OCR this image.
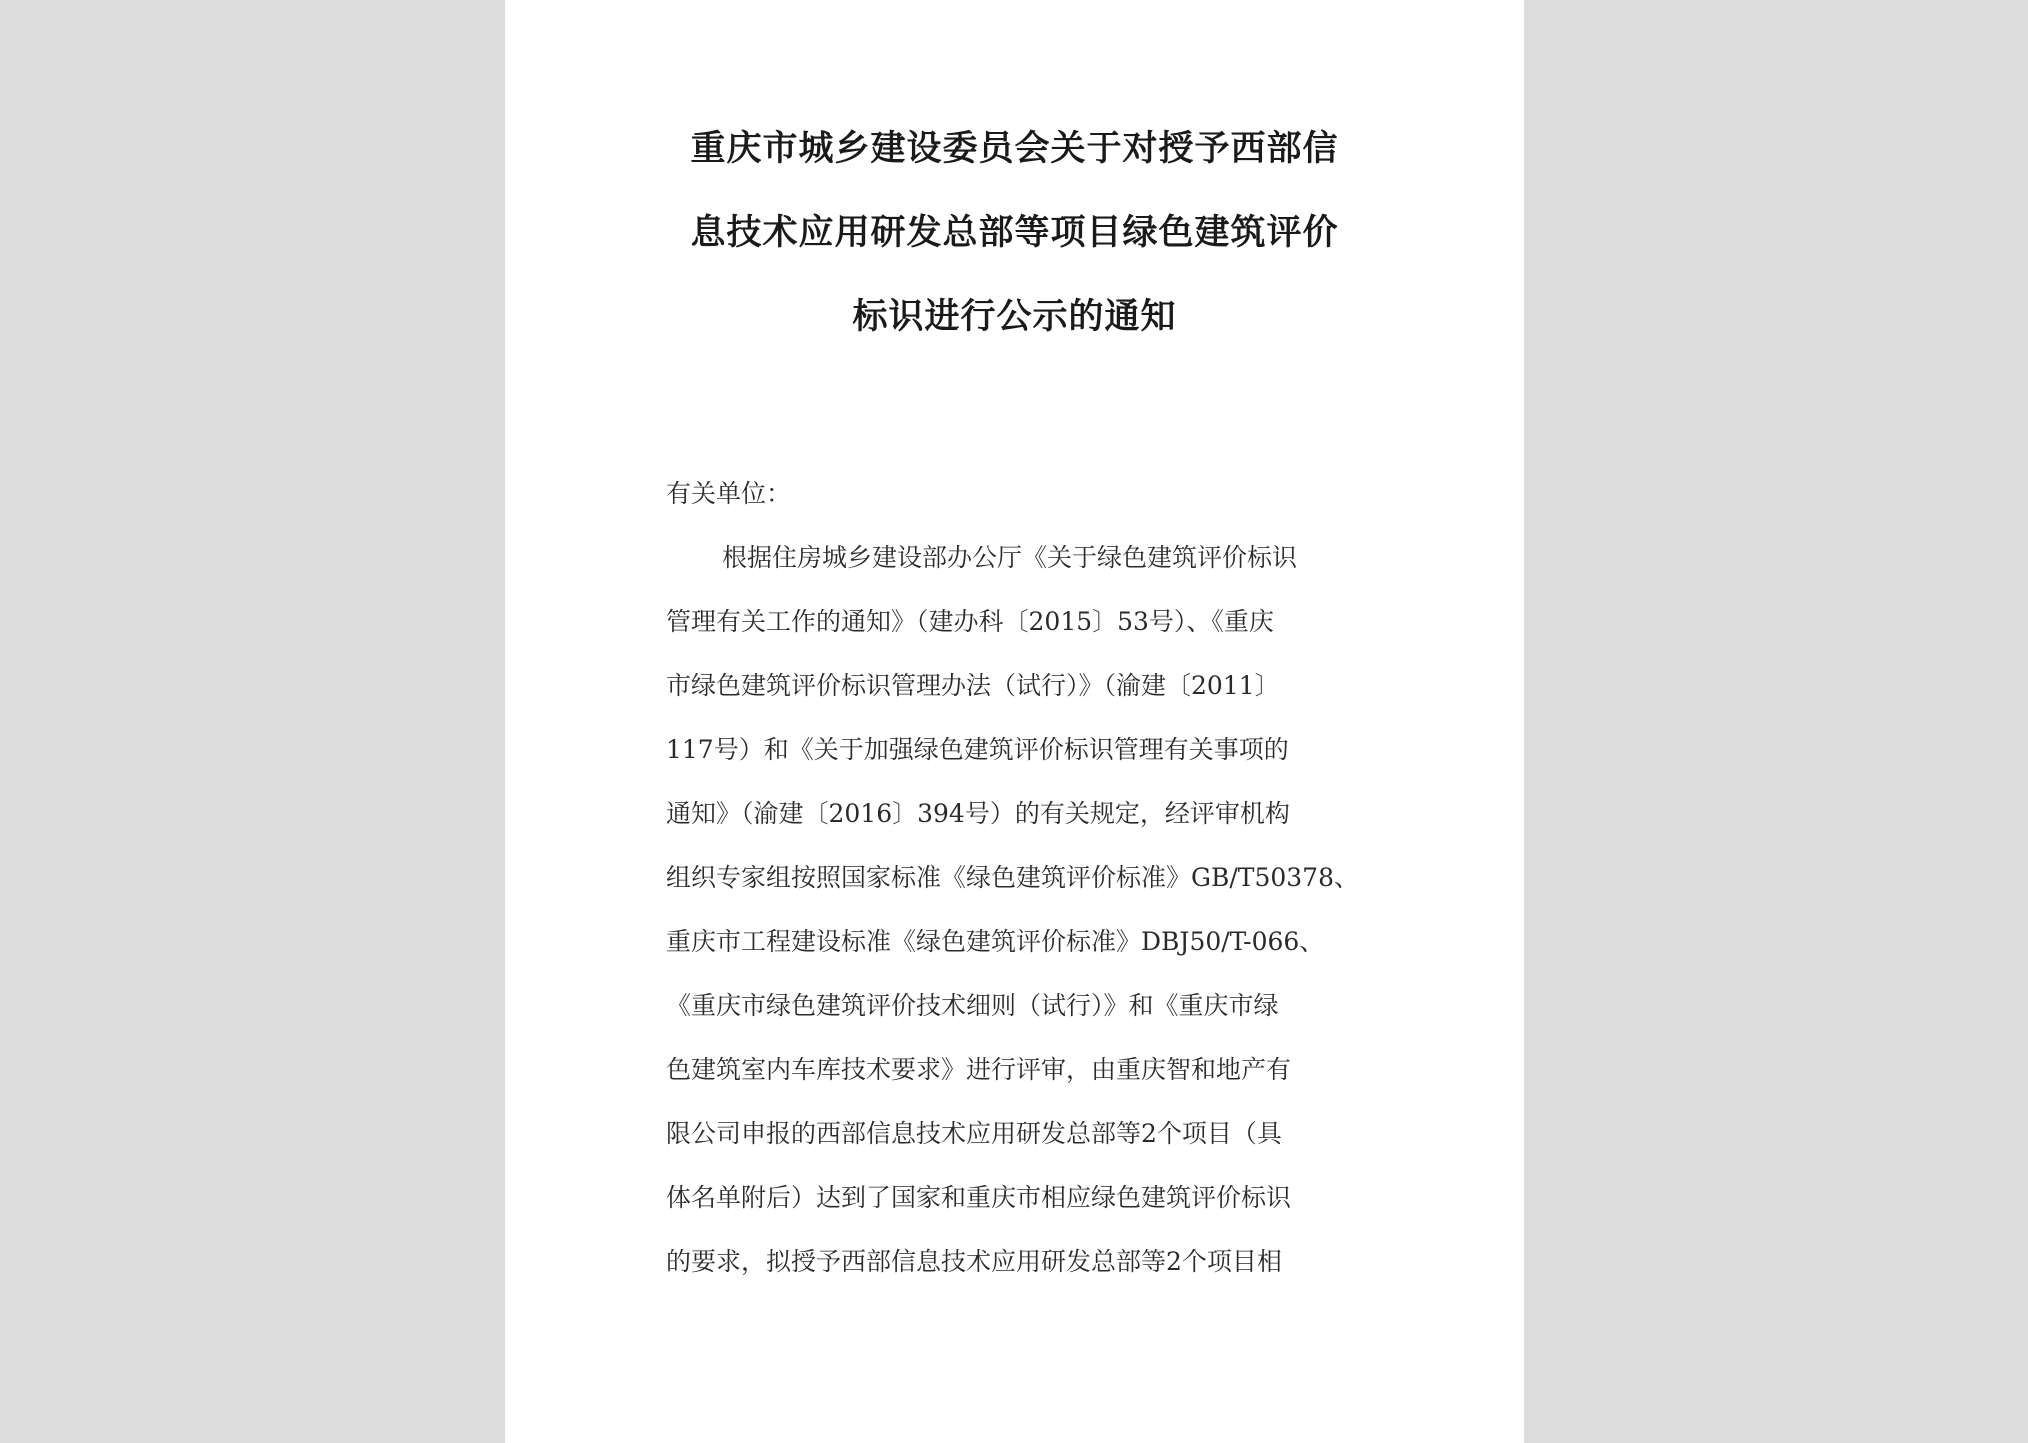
重庆市城乡建设委员会关于对授予西部信
息技术应用研发总部等项目绿色建筑评价
标识进行公示的通知
有关单位：
根据住房城乡建设部办公厅《关于绿色建筑评价标识
管理有关工作的通知》（建办科〔2015〕53号）、《重庆
市绿色建筑评价标识管理办法（试行）》（渝建〔2011〕
117号）和《关于加强绿色建筑评价标识管理有关事项的
通知》（渝建〔2016〕394号）的有关规定，经评审机构
组织专家组按照国家标准《绿色建筑评价标准》GB/T50378、
重庆市工程建设标准《绿色建筑评价标准》DBJ50/T-066、
《重庆市绿色建筑评价技术细则（试行）》和《重庆市绿
色建筑室内车库技术要求》进行评审，由重庆智和地产有
限公司申报的西部信息技术应用研发总部等2个项目（具
体名单附后）达到了国家和重庆市相应绿色建筑评价标识
的要求，拟授予西部信息技术应用研发总部等2个项目相
